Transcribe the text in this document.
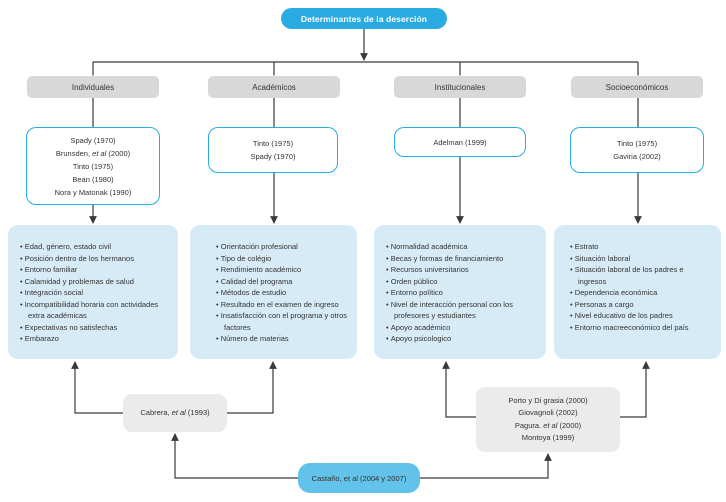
Determinantes de la deserción
Individuales
Spady (1970)
Brunsden, et al (2000)
Tinto (1975)
Bean (1980)
Nora y Matonak (1990)
• Edad, género, estado civil
• Posición dentro de los hermanos
• Entorno familiar
• Calamidad y problemas de salud
• Integración social
• Incompatibilidad horaria con actividades extra académicas
• Expectativas no satisfechas
• Embarazo
Académicos
Tinto (1975)
Spady (1970)
• Orientación profesional
• Tipo de colégio
• Rendimiento académico
• Calidad del programa
• Métodos de estudio
• Resultado en el examen de ingreso
• Insatisfacción con el programa y otros factores
• Número de materias
Institucionales
Adelman (1999)
• Normalidad académica
• Becas y formas de financiamiento
• Recursos universitarios
• Orden público
• Entorno político
• Nivel de interacción personal con los profesores y estudiantes
• Apoyo académico
• Apoyo psicologico
Socioeconómicos
Tinto (1975)
Gaviria (2002)
• Estrato
• Situación laboral
• Situación laboral de los padres e ingresos
• Dependencia económica
• Personas a cargo
• Nivel educativo de los padres
• Entorno macreeconómico del país
Cabrera, et al (1993)
Porto y Di grasia (2000)
Giovagnoli (2002)
Pagura. et al (2000)
Montoya (1999)
Castaño, et al (2004 y 2007)
